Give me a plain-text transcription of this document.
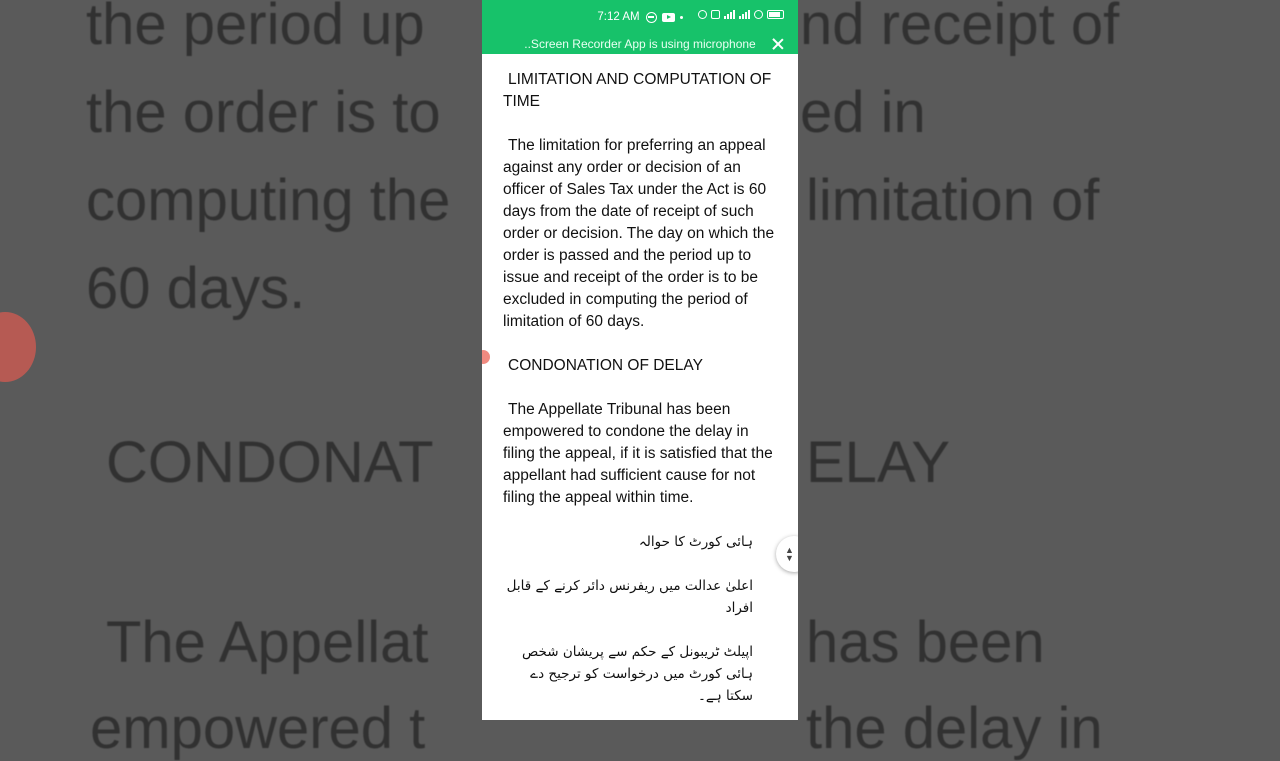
the period up	nd receipt of
the order is to	ed in
computing the	limitation of
60 days.
CONDONAT	ELAY
The Appellat	has been
empowered t	the delay in
7:12 AM
..Screen Recorder App is using microphone

LIMITATION AND COMPUTATION OF TIME

The limitation for preferring an appeal against any order or decision of an officer of Sales Tax under the Act is 60 days from the date of receipt of such order or decision. The day on which the order is passed and the period up to issue and receipt of the order is to be excluded in computing the period of limitation of 60 days.

CONDONATION OF DELAY

The Appellate Tribunal has been empowered to condone the delay in filing the appeal, if it is satisfied that the appellant had sufficient cause for not filing the appeal within time.

ہائی کورٹ کا حوالہ

اعلیٰ عدالت میں ریفرنس دائر کرنے کے قابل افراد

اپیلٹ ٹریبونل کے حکم سے پریشان شخص ہائی کورٹ میں درخواست کو ترجیح دے سکتا ہے۔

▲
▼
